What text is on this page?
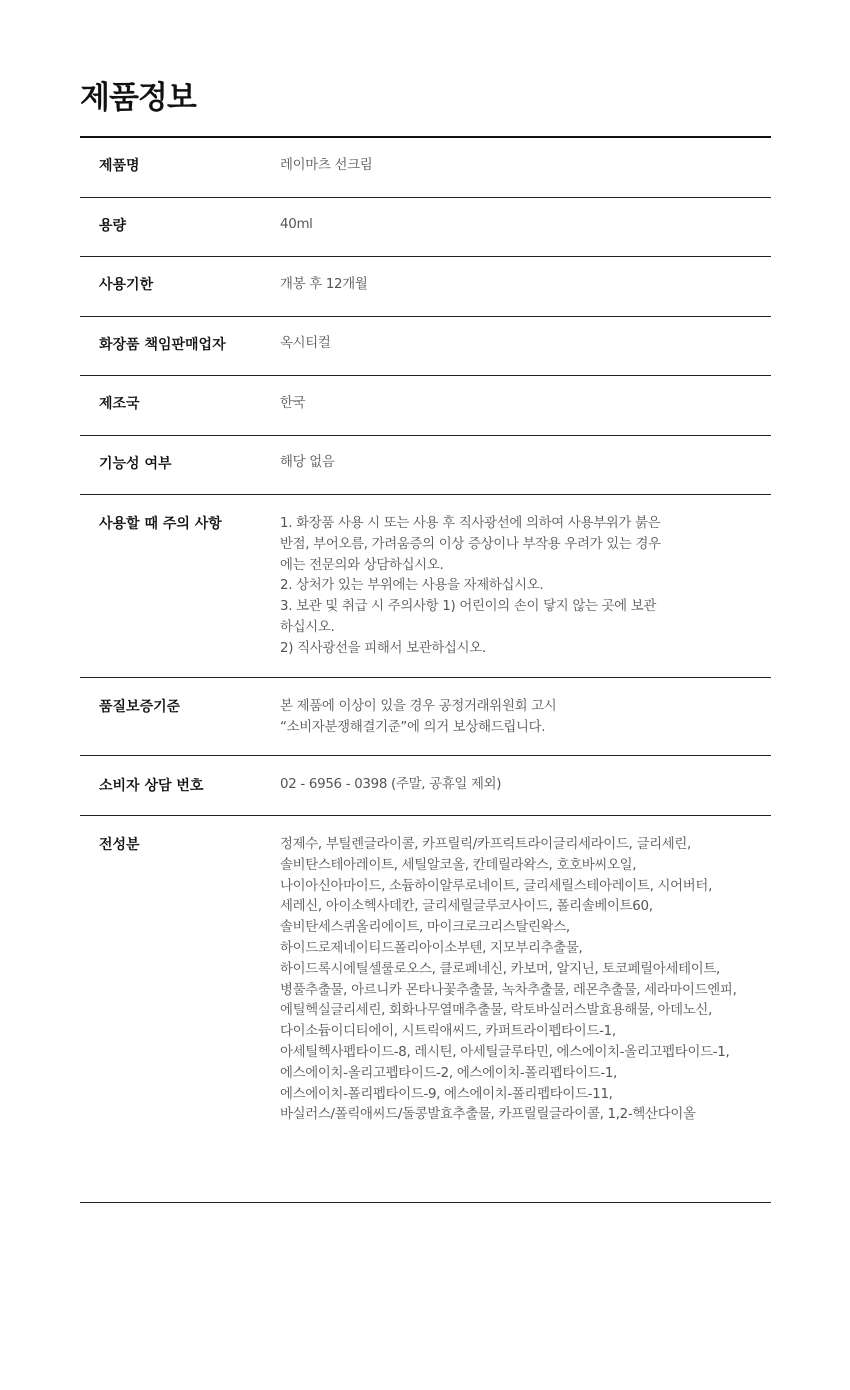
제품정보
제품명	레이마츠 선크림
용량	40ml
사용기한	개봉 후 12개월
화장품 책임판매업자	옥시티컬
제조국	한국
기능성 여부	해당 없음
사용할 때 주의 사항	1. 화장품 사용 시 또는 사용 후 직사광선에 의하여 사용부위가 붉은
반점, 부어오름, 가려움증의 이상 증상이나 부작용 우려가 있는 경우
에는 전문의와 상담하십시오.
2. 상처가 있는 부위에는 사용을 자제하십시오.
3. 보관 및 취급 시 주의사항 1) 어린이의 손이 닿지 않는 곳에 보관
하십시오.
2) 직사광선을 피해서 보관하십시오.
품질보증기준	본 제품에 이상이 있을 경우 공정거래위원회 고시
“소비자분쟁해결기준”에 의거 보상해드립니다.
소비자 상담 번호	02 - 6956 - 0398 (주말, 공휴일 제외)
전성분	정제수, 부틸렌글라이콜, 카프릴릭/카프릭트라이글리세라이드, 글리세린,
솔비탄스테아레이트, 세틸알코올, 칸데릴라왁스, 호호바씨오일,
나이아신아마이드, 소듐하이알루로네이트, 글리세릴스테아레이트, 시어버터,
세레신, 아이소헥사데칸, 글리세릴글루코사이드, 폴리솔베이트60,
솔비탄세스퀴올리에이트, 마이크로크리스탈린왁스,
하이드로제네이티드폴리아이소부텐, 지모부리추출물,
하이드록시에틸셀룰로오스, 클로페네신, 카보머, 알지닌, 토코페릴아세테이트,
병풀추출물, 아르니카 몬타나꽃추출물, 녹차추출물, 레몬추출물, 세라마이드엔피,
에틸헥실글리세린, 회화나무열매추출물, 락토바실러스발효용해물, 아데노신,
다이소듐이디티에이, 시트릭애씨드, 카퍼트라이펩타이드-1,
아세틸헥사펩타이드-8, 레시틴, 아세틸글루타민, 에스에이치-올리고펩타이드-1,
에스에이치-올리고펩타이드-2, 에스에이치-폴리펩타이드-1,
에스에이치-폴리펩타이드-9, 에스에이치-폴리펩타이드-11,
바실러스/폴릭애씨드/돌콩발효추출물, 카프릴릴글라이콜, 1,2-헥산다이올
